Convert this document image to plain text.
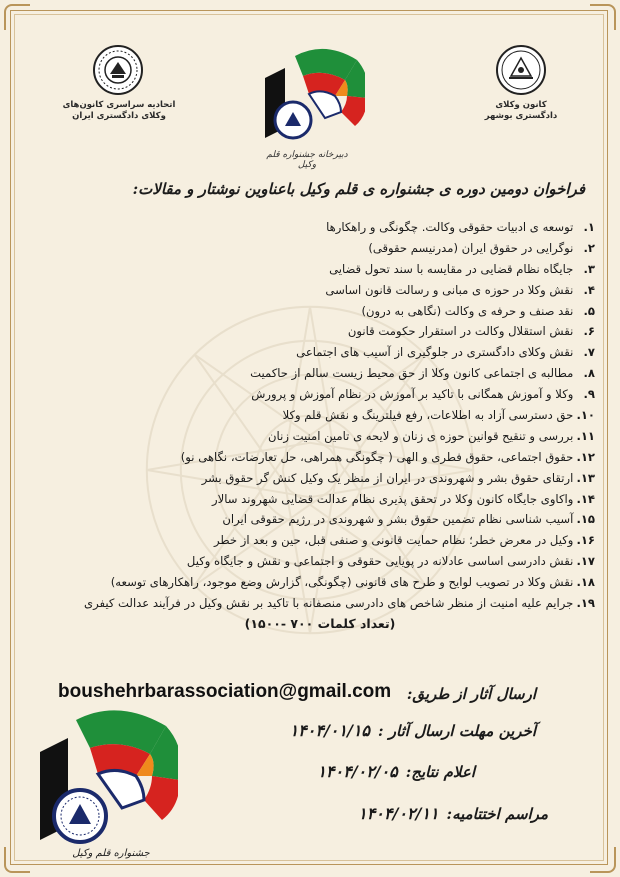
اتحادیه سراسری کانون‌های
وکلای دادگستری ایران
کانون وکلای
دادگستری بوشهر
دبیرخانه جشنواره قلم وکیل
فراخوان دومین دوره ی جشنواره ی قلم وکیل باعناوین نوشتار و مقالات:
۱. توسعه ی ادبیات حقوقی وکالت. چگونگی و راهکارها
۲. نوگرایی در حقوق ایران (مدرنیسم حقوقی)
۳. جایگاه نظام قضایی در مقایسه با سند تحول قضایی
۴. نقش وکلا در حوزه ی مبانی و رسالت قانون اساسی
۵. نقد صنف و حرفه ی وکالت (نگاهی به درون)
۶. نقش استقلال وکالت در استقرار حکومت قانون
۷. نقش وکلای دادگستری در جلوگیری از آسیب های اجتماعی
۸. مطالبه ی اجتماعی کانون وکلا از حق محیط زیست سالم از حاکمیت
۹. وکلا و آموزش همگانی با تاکید بر آموزش در نظام آموزش و پرورش
۱۰. حق دسترسی آزاد به اطلاعات، رفع فیلترینگ و نقش قلم وکلا
۱۱. بررسی و تنقیح قوانین حوزه ی زنان و لایحه ی تامین امنیت زنان
۱۲. حقوق اجتماعی، حقوق فطری و الهی ( چگونگی همراهی، حل تعارضات، نگاهی نو)
۱۳. ارتقای حقوق بشر و شهروندی در ایران از منظر یک وکیل کنش گر حقوق بشر
۱۴. واکاوی جایگاه کانون وکلا در تحقق پذیری نظام عدالت قضایی شهروند سالار
۱۵. آسیب شناسی نظام تضمین حقوق بشر و شهروندی در رژیم حقوقی ایران
۱۶. وکیل در معرض خطر؛ نظام حمایت قانونی و صنفی قبل، حین و بعد از خطر
۱۷. نقش دادرسی اساسی عادلانه در پویایی حقوقی و اجتماعی و نقش و جایگاه وکیل
۱۸. نقش وکلا در تصویب لوایح و طرح های قانونی (چگونگی، گزارش وضع موجود، راهکارهای توسعه)
۱۹. جرایم علیه امنیت از منظر شاخص های دادرسی منصفانه با تاکید بر نقش وکیل در فرآیند عدالت کیفری
(تعداد کلمات ۷۰۰ -۱۵۰۰)
ارسال آثار از طریق:
boushehrbarassociation@gmail.com
آخرین مهلت ارسال آثار :۱۴۰۴/۰۱/۱۵
اعلام نتایج:۱۴۰۴/۰۲/۰۵
مراسم اختتامیه:۱۴۰۴/۰۲/۱۱
جشنواره قلم وکیل
